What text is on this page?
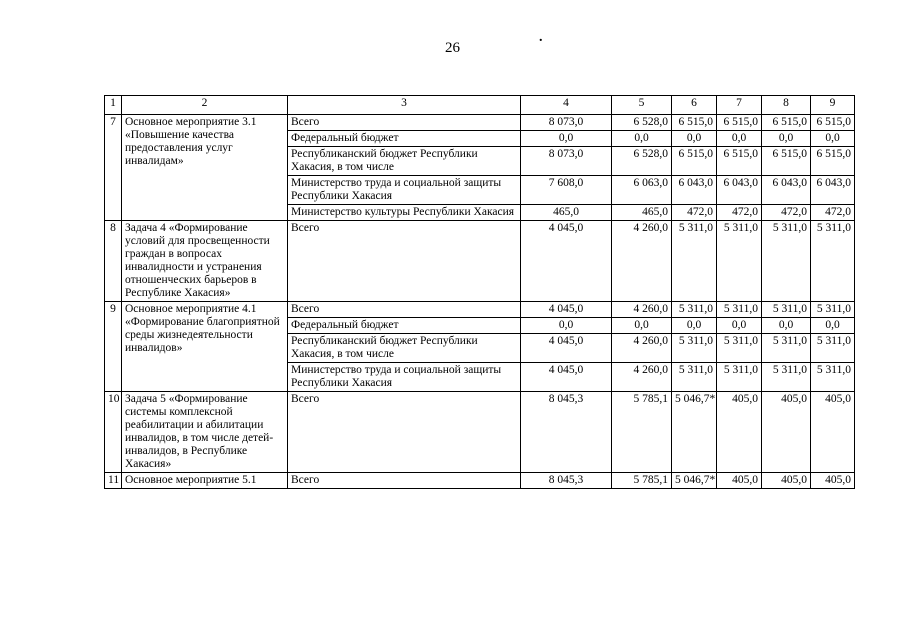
26
.
1	2	3	4	5	6	7	8	9
7	Основное мероприятие 3.1 «Повышение качества предоставления услуг инвалидам»	Всего	8 073,0	6 528,0	6 515,0	6 515,0	6 515,0	6 515,0
		Федеральный бюджет	0,0	0,0	0,0	0,0	0,0	0,0
		Республиканский бюджет Республики Хакасия, в том числе	8 073,0	6 528,0	6 515,0	6 515,0	6 515,0	6 515,0
		Министерство труда и социальной защиты Республики Хакасия	7 608,0	6 063,0	6 043,0	6 043,0	6 043,0	6 043,0
		Министерство культуры Республики Хакасия	465,0	465,0	472,0	472,0	472,0	472,0
8	Задача 4 «Формирование условий для просвещенности граждан в вопросах инвалидности и устранения отношенческих барьеров в Республике Хакасия»	Всего	4 045,0	4 260,0	5 311,0	5 311,0	5 311,0	5 311,0
9	Основное мероприятие 4.1 «Формирование благоприятной среды жизнедеятельности инвалидов»	Всего	4 045,0	4 260,0	5 311,0	5 311,0	5 311,0	5 311,0
		Федеральный бюджет	0,0	0,0	0,0	0,0	0,0	0,0
		Республиканский бюджет Республики Хакасия, в том числе	4 045,0	4 260,0	5 311,0	5 311,0	5 311,0	5 311,0
		Министерство труда и социальной защиты Республики Хакасия	4 045,0	4 260,0	5 311,0	5 311,0	5 311,0	5 311,0
10	Задача 5 «Формирование системы комплексной реабилитации и абилитации инвалидов, в том числе детей-инвалидов, в Республике Хакасия»	Всего	8 045,3	5 785,1	5 046,7*	405,0	405,0	405,0
11	Основное мероприятие 5.1	Всего	8 045,3	5 785,1	5 046,7*	405,0	405,0	405,0
